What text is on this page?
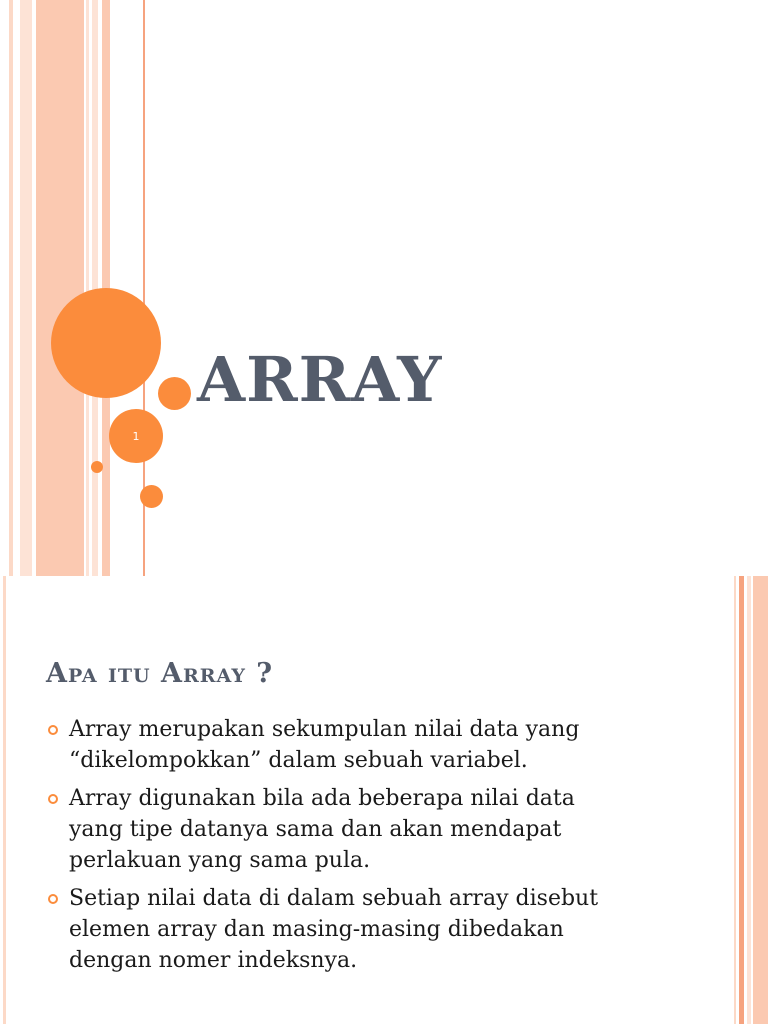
1
ARRAY
Apa itu Array ?
Array merupakan sekumpulan nilai data yang
“dikelompokkan” dalam sebuah variabel.
Array digunakan bila ada beberapa nilai data
yang tipe datanya sama dan akan mendapat
perlakuan yang sama pula.
Setiap nilai data di dalam sebuah array disebut
elemen array dan masing-masing dibedakan
dengan nomer indeksnya.
